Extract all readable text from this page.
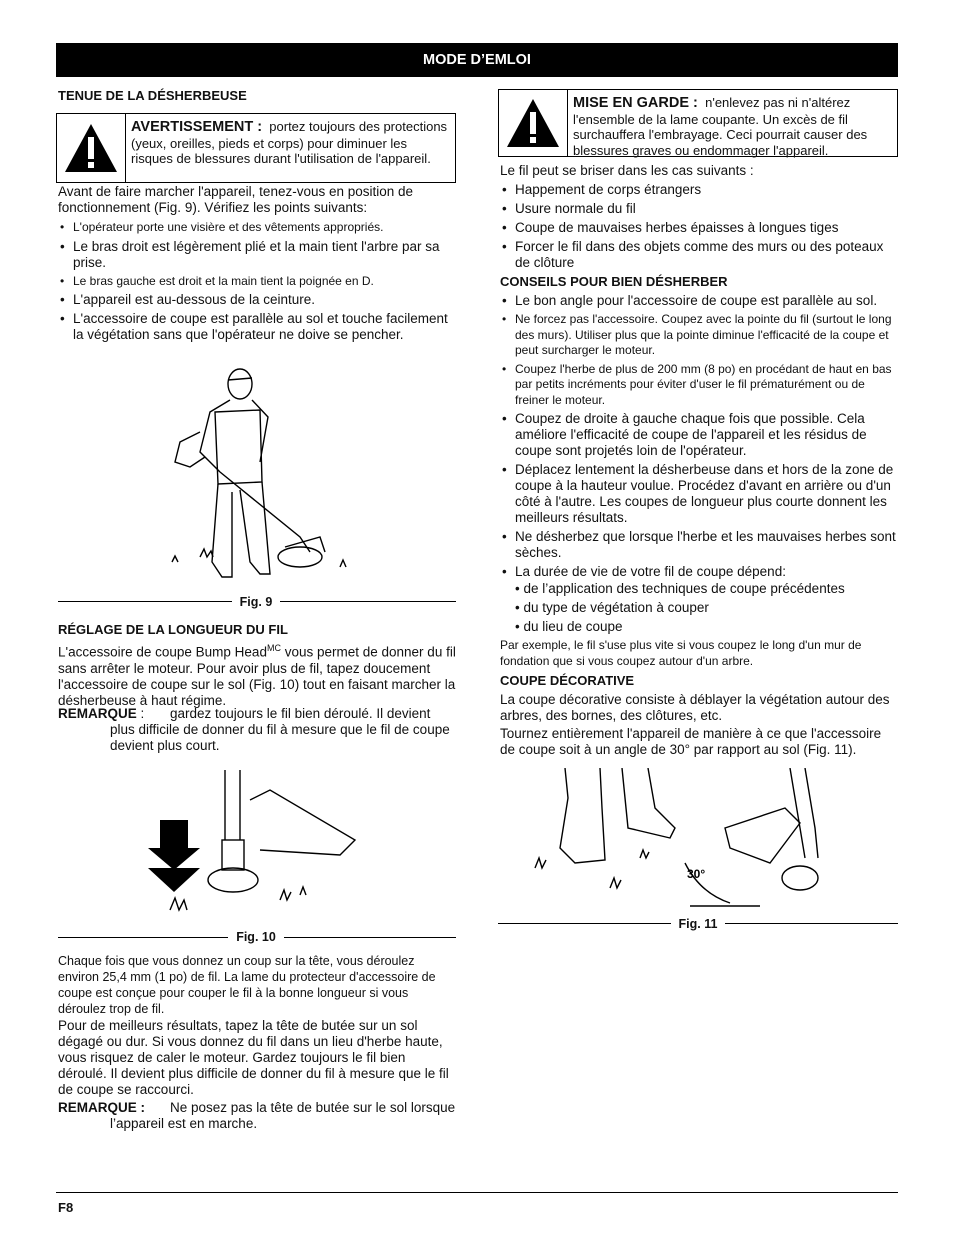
MODE D’EMLOI
TENUE DE LA DÉSHERBEUSE
AVERTISSEMENT : portez toujours des protections (yeux, oreilles, pieds et corps) pour diminuer les risques de blessures durant l'utilisation de l'appareil.

Avant de faire marcher l'appareil, tenez-vous en position de fonctionnement (Fig. 9). Vérifiez les points suivants:

• L'opérateur porte une visière et des vêtements appropriés.
• Le bras droit est légèrement plié et la main tient l'arbre par sa prise.
• Le bras gauche est droit et la main tient la poignée en D.
• L'appareil est au-dessous de la ceinture.
• L'accessoire de coupe est parallèle au sol et touche facilement la végétation sans que l'opérateur ne doive se pencher.
Fig. 9
RÉGLAGE DE LA LONGUEUR DU FIL

L'accessoire de coupe Bump Head$^{MC}$ vous permet de donner du fil sans arrêter le moteur. Pour avoir plus de fil, tapez doucement l'accessoire de coupe sur le sol (Fig. 10) tout en faisant marcher la désherbeuse à haut régime.

REMARQUE :	gardez toujours le fil bien déroulé. Il devient plus difficile de donner du fil à mesure que le fil de coupe devient plus court.
Fig. 10

Chaque fois que vous donnez un coup sur la tête, vous déroulez environ 25,4 mm (1 po) de fil. La lame du protecteur d'accessoire de coupe est conçue pour couper le fil à la bonne longueur si vous déroulez trop de fil.

Pour de meilleurs résultats, tapez la tête de butée sur un sol dégagé ou dur. Si vous donnez du fil dans un lieu d'herbe haute, vous risquez de caler le moteur. Gardez toujours le fil bien déroulé. Il devient plus difficile de donner du fil à mesure que le fil de coupe se raccourci.

REMARQUE :	Ne posez pas la tête de butée sur le sol lorsque l’appareil est en marche.
MISE EN GARDE : n'enlevez pas ni n'altérez l'ensemble de la lame coupante. Un excès de fil surchauffera l'embrayage. Ceci pourrait causer des blessures graves ou endommager l'appareil.

Le fil peut se briser dans les cas suivants :

• Happement de corps étrangers
• Usure normale du fil
• Coupe de mauvaises herbes épaisses à longues tiges
• Forcer le fil dans des objets comme des murs ou des poteaux de clôture
CONSEILS POUR BIEN DÉSHERBER
• Le bon angle pour l'accessoire de coupe est parallèle au sol.
• Ne forcez pas l'accessoire. Coupez avec la pointe du fil (surtout le long des murs). Utiliser plus que la pointe diminue l'efficacité de la coupe et peut surcharger le moteur.
• Coupez l'herbe de plus de 200 mm (8 po) en procédant de haut en bas par petits incréments pour éviter d'user le fil prématurément ou de freiner le moteur.
• Coupez de droite à gauche chaque fois que possible. Cela améliore l'efficacité de coupe de l'appareil et les résidus de coupe sont projetés loin de l'opérateur.
• Déplacez lentement la désherbeuse dans et hors de la zone de coupe à la hauteur voulue. Procédez d'avant en arrière ou d'un côté à l'autre. Les coupes de longueur plus courte donnent les meilleurs résultats.
• Ne désherbez que lorsque l'herbe et les mauvaises herbes sont sèches.
• La durée de vie de votre fil de coupe dépend:
• de l’application des techniques de coupe précédentes
• du type de végétation à couper
• du lieu de coupe

Par exemple, le fil s'use plus vite si vous coupez le long d'un mur de fondation que si vous coupez autour d'un arbre.

COUPE DÉCORATIVE

La coupe décorative consiste à déblayer la végétation autour des arbres, des bornes, des clôtures, etc.

Tournez entièrement l'appareil de manière à ce que l'accessoire de coupe soit à un angle de 30° par rapport au sol (Fig. 11).

30°
Fig. 11
F8
